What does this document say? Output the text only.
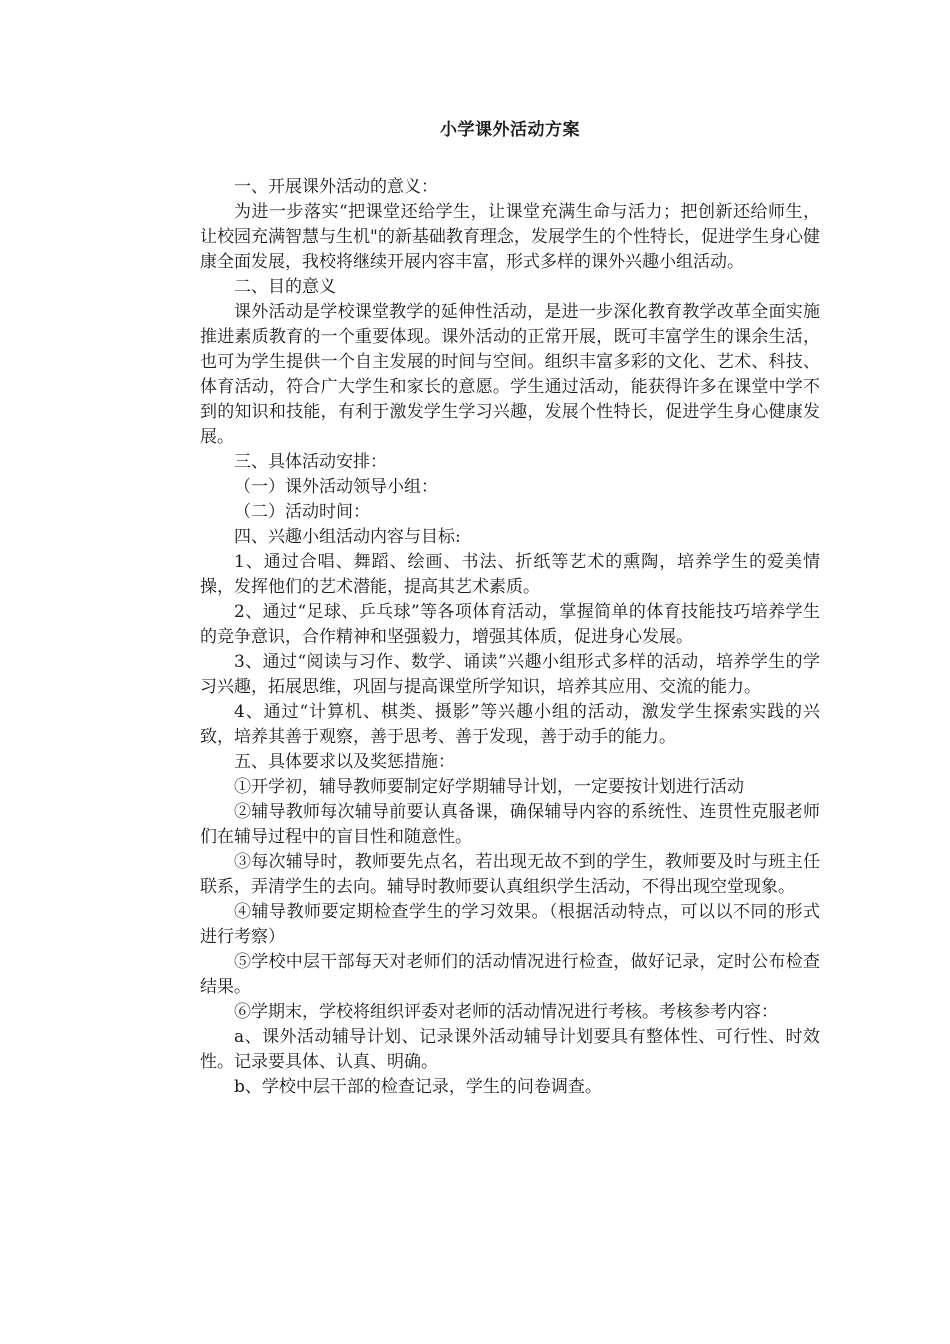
小学课外活动方案

一、开展课外活动的意义：

为进一步落实“把课堂还给学生，让课堂充满生命与活力；把创新还给师生，让校园充满智慧与生机"的新基础教育理念，发展学生的个性特长，促进学生身心健康全面发展，我校将继续开展内容丰富，形式多样的课外兴趣小组活动。

二、目的意义

课外活动是学校课堂教学的延伸性活动，是进一步深化教育教学改革全面实施推进素质教育的一个重要体现。课外活动的正常开展，既可丰富学生的课余生活，也可为学生提供一个自主发展的时间与空间。组织丰富多彩的文化、艺术、科技、体育活动，符合广大学生和家长的意愿。学生通过活动，能获得许多在课堂中学不到的知识和技能，有利于激发学生学习兴趣，发展个性特长，促进学生身心健康发展。

三、具体活动安排：

（一）课外活动领导小组：

（二）活动时间：

四、兴趣小组活动内容与目标:

1、通过合唱、舞蹈、绘画、书法、折纸等艺术的熏陶，培养学生的爱美情操，发挥他们的艺术潜能，提高其艺术素质。

2、通过“足球、乒乓球”等各项体育活动，掌握简单的体育技能技巧培养学生的竞争意识，合作精神和坚强毅力，增强其体质，促进身心发展。

3、通过“阅读与习作、数学、诵读”兴趣小组形式多样的活动，培养学生的学习兴趣，拓展思维，巩固与提高课堂所学知识，培养其应用、交流的能力。

4、通过“计算机、棋类、摄影”等兴趣小组的活动，激发学生探索实践的兴致，培养其善于观察，善于思考、善于发现，善于动手的能力。

五、具体要求以及奖惩措施：

①开学初，辅导教师要制定好学期辅导计划，一定要按计划进行活动

②辅导教师每次辅导前要认真备课，确保辅导内容的系统性、连贯性克服老师们在辅导过程中的盲目性和随意性。

③每次辅导时，教师要先点名，若出现无故不到的学生，教师要及时与班主任联系，弄清学生的去向。辅导时教师要认真组织学生活动，不得出现空堂现象。

④辅导教师要定期检查学生的学习效果。（根据活动特点，可以以不同的形式进行考察）

⑤学校中层干部每天对老师们的活动情况进行检查，做好记录，定时公布检查结果。

⑥学期末，学校将组织评委对老师的活动情况进行考核。考核参考内容：

a、课外活动辅导计划、记录课外活动辅导计划要具有整体性、可行性、时效性。记录要具体、认真、明确。

b、学校中层干部的检查记录，学生的问卷调查。
